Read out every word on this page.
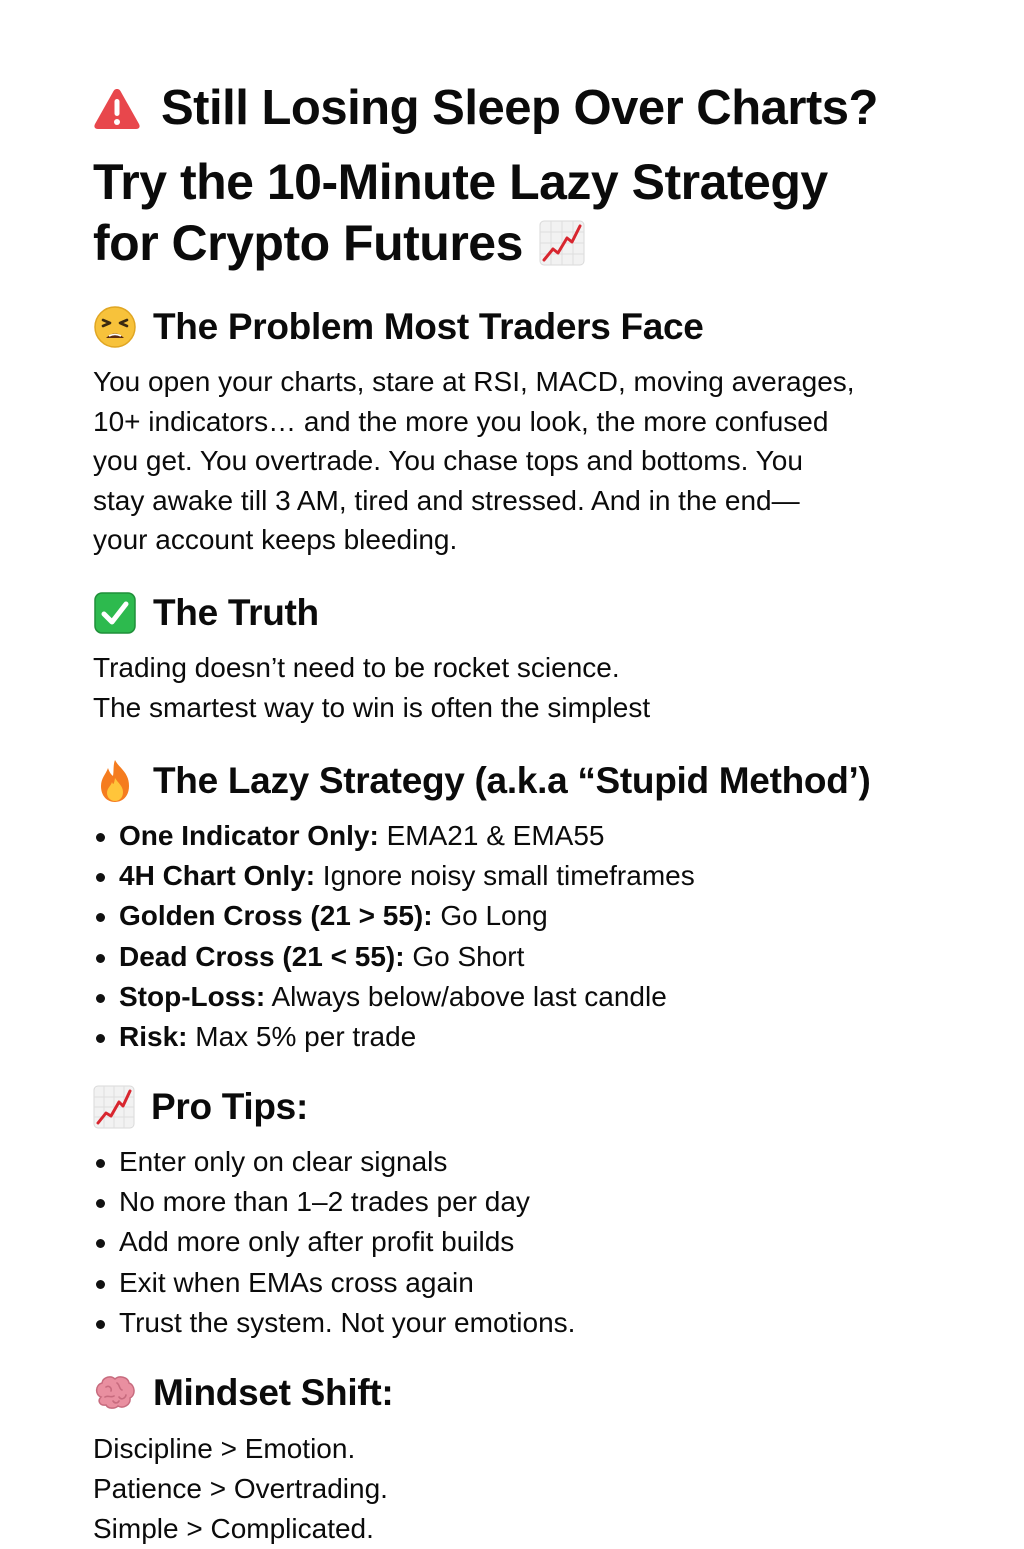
Still Losing Sleep Over Charts?
Try the 10-Minute Lazy Strategy
for Crypto Futures
The Problem Most Traders Face
You open your charts, stare at RSI, MACD, moving averages,
10+ indicators… and the more you look, the more confused
you get. You overtrade. You chase tops and bottoms. You
stay awake till 3 AM, tired and stressed. And in the end—
your account keeps bleeding.
The Truth
Trading doesn’t need to be rocket science.
The smartest way to win is often the simplest
The Lazy Strategy (a.k.a “Stupid Method’)
One Indicator Only: EMA21 & EMA55
4H Chart Only: Ignore noisy small timeframes
Golden Cross (21 > 55): Go Long
Dead Cross (21 < 55): Go Short
Stop-Loss: Always below/above last candle
Risk: Max 5% per trade
Pro Tips:
Enter only on clear signals
No more than 1–2 trades per day
Add more only after profit builds
Exit when EMAs cross again
Trust the system. Not your emotions.
Mindset Shift:
Discipline > Emotion.
Patience > Overtrading.
Simple > Complicated.
